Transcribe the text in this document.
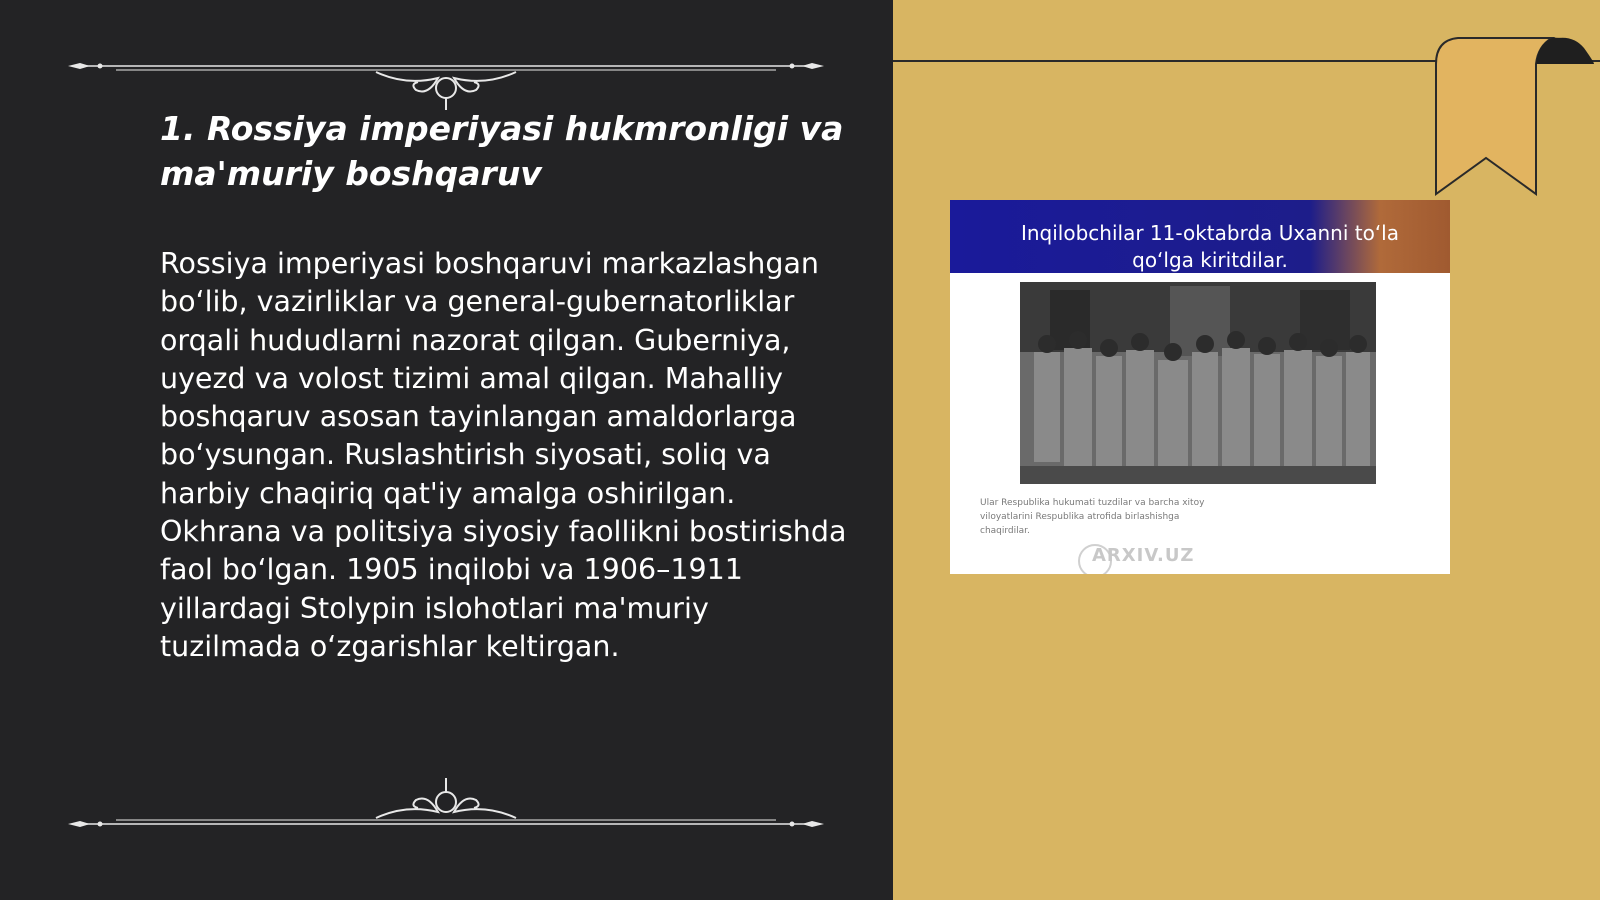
1. Rossiya imperiyasi hukmronligi va ma'muriy boshqaruv

Rossiya imperiyasi boshqaruvi markazlashgan bo‘lib, vazirliklar va general-gubernatorliklar orqali hududlarni nazorat qilgan. Guberniya, uyezd va volost tizimi amal qilgan. Mahalliy boshqaruv asosan tayinlangan amaldorlarga bo‘ysungan. Ruslashtirish siyosati, soliq va harbiy chaqiriq qat'iy amalga oshirilgan. Okhrana va politsiya siyosiy faollikni bostirishda faol bo‘lgan. 1905 inqilobi va 1906–1911 yillardagi Stolypin islohotlari ma'muriy tuzilmada o‘zgarishlar keltirgan.

Inqilobchilar 11-oktabrda Uxanni to‘la qo‘lga kiritdilar.
Ular Respublika hukumati tuzdilar va barcha xitoy viloyatlarini Respublika atrofida birlashishga chaqirdilar.
ARXIV.UZ
